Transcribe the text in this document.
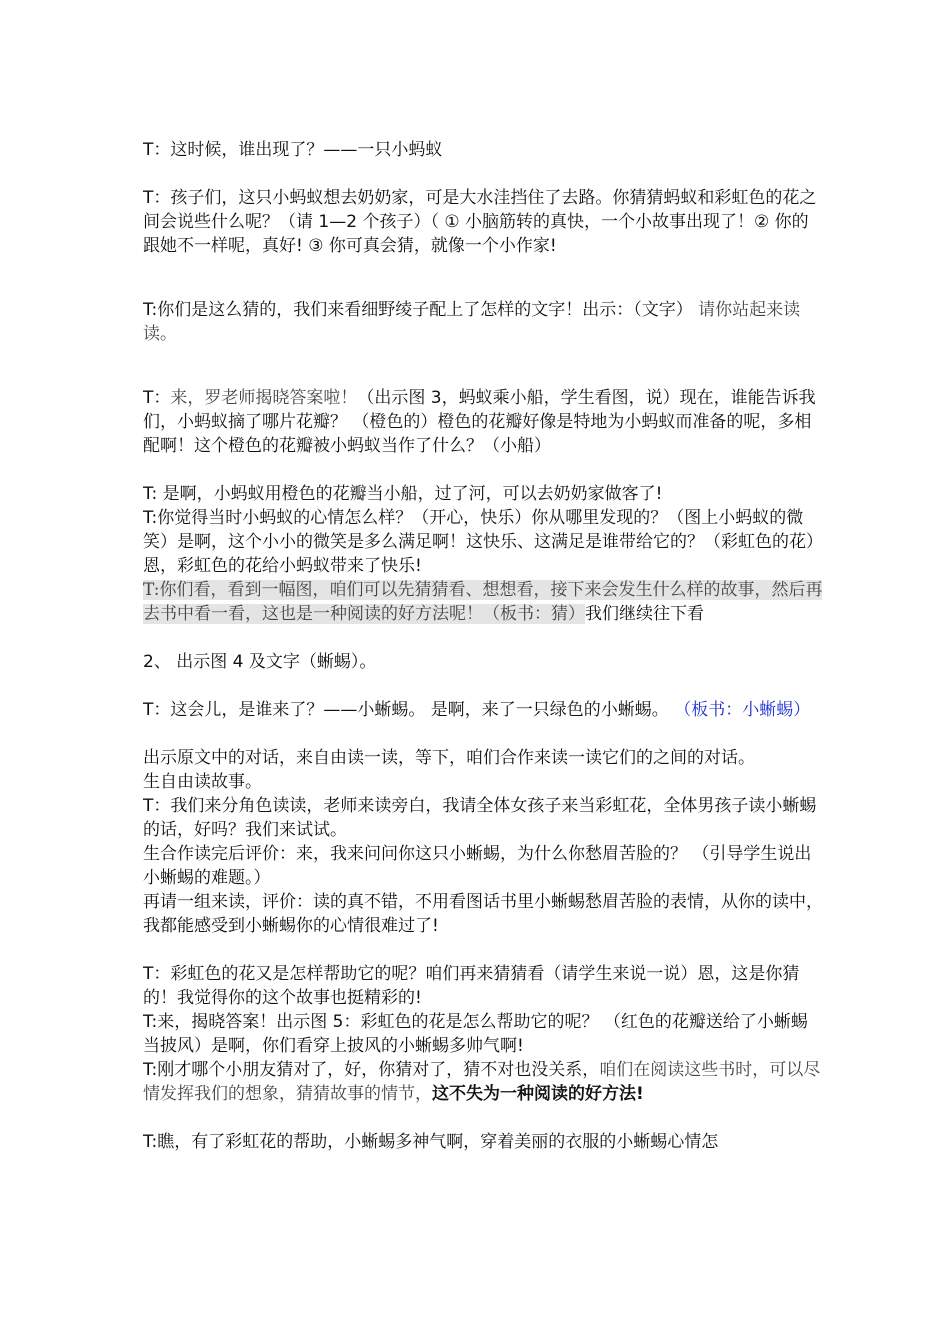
T：这时候，谁出现了？——一只小蚂蚁

T：孩子们，这只小蚂蚁想去奶奶家，可是大水洼挡住了去路。你猜猜蚂蚁和彩虹色的花之间会说些什么呢？（请 1—2 个孩子）（ ① 小脑筋转的真快，一个小故事出现了！② 你的跟她不一样呢，真好! ③ 你可真会猜，就像一个小作家!

T:你们是这么猜的，我们来看细野绫子配上了怎样的文字！出示：（文字） 请你站起来读读。

T：来，罗老师揭晓答案啦！（出示图 3，蚂蚁乘小船，学生看图，说）现在，谁能告诉我们，小蚂蚁摘了哪片花瓣？ （橙色的）橙色的花瓣好像是特地为小蚂蚁而准备的呢，多相配啊！这个橙色的花瓣被小蚂蚁当作了什么？（小船）

T: 是啊，小蚂蚁用橙色的花瓣当小船，过了河，可以去奶奶家做客了!

T:你觉得当时小蚂蚁的心情怎么样？（开心，快乐）你从哪里发现的？（图上小蚂蚁的微笑）是啊，这个小小的微笑是多么满足啊！这快乐、这满足是谁带给它的？（彩虹色的花）恩，彩虹色的花给小蚂蚁带来了快乐!

T:你们看，看到一幅图，咱们可以先猜猜看、想想看，接下来会发生什么样的故事，然后再去书中看一看，这也是一种阅读的好方法呢！（板书：猜）我们继续往下看

2、 出示图 4 及文字（蜥蜴）。

T：这会儿，是谁来了？——小蜥蜴。 是啊，来了一只绿色的小蜥蜴。 （板书：小蜥蜴）

出示原文中的对话，来自由读一读，等下，咱们合作来读一读它们的之间的对话。

生自由读故事。

T：我们来分角色读读，老师来读旁白，我请全体女孩子来当彩虹花，全体男孩子读小蜥蜴的话，好吗？我们来试试。

生合作读完后评价：来，我来问问你这只小蜥蜴，为什么你愁眉苦脸的？ （引导学生说出小蜥蜴的难题。）

再请一组来读，评价：读的真不错，不用看图话书里小蜥蜴愁眉苦脸的表情，从你的读中，我都能感受到小蜥蜴你的心情很难过了!

T：彩虹色的花又是怎样帮助它的呢？咱们再来猜猜看（请学生来说一说）恩，这是你猜的！我觉得你的这个故事也挺精彩的!

T:来，揭晓答案！出示图 5：彩虹色的花是怎么帮助它的呢？ （红色的花瓣送给了小蜥蜴当披风）是啊，你们看穿上披风的小蜥蜴多帅气啊!

T:刚才哪个小朋友猜对了，好，你猜对了，猜不对也没关系，咱们在阅读这些书时，可以尽情发挥我们的想象，猜猜故事的情节，这不失为一种阅读的好方法!

T:瞧，有了彩虹花的帮助，小蜥蜴多神气啊，穿着美丽的衣服的小蜥蜴心情怎
